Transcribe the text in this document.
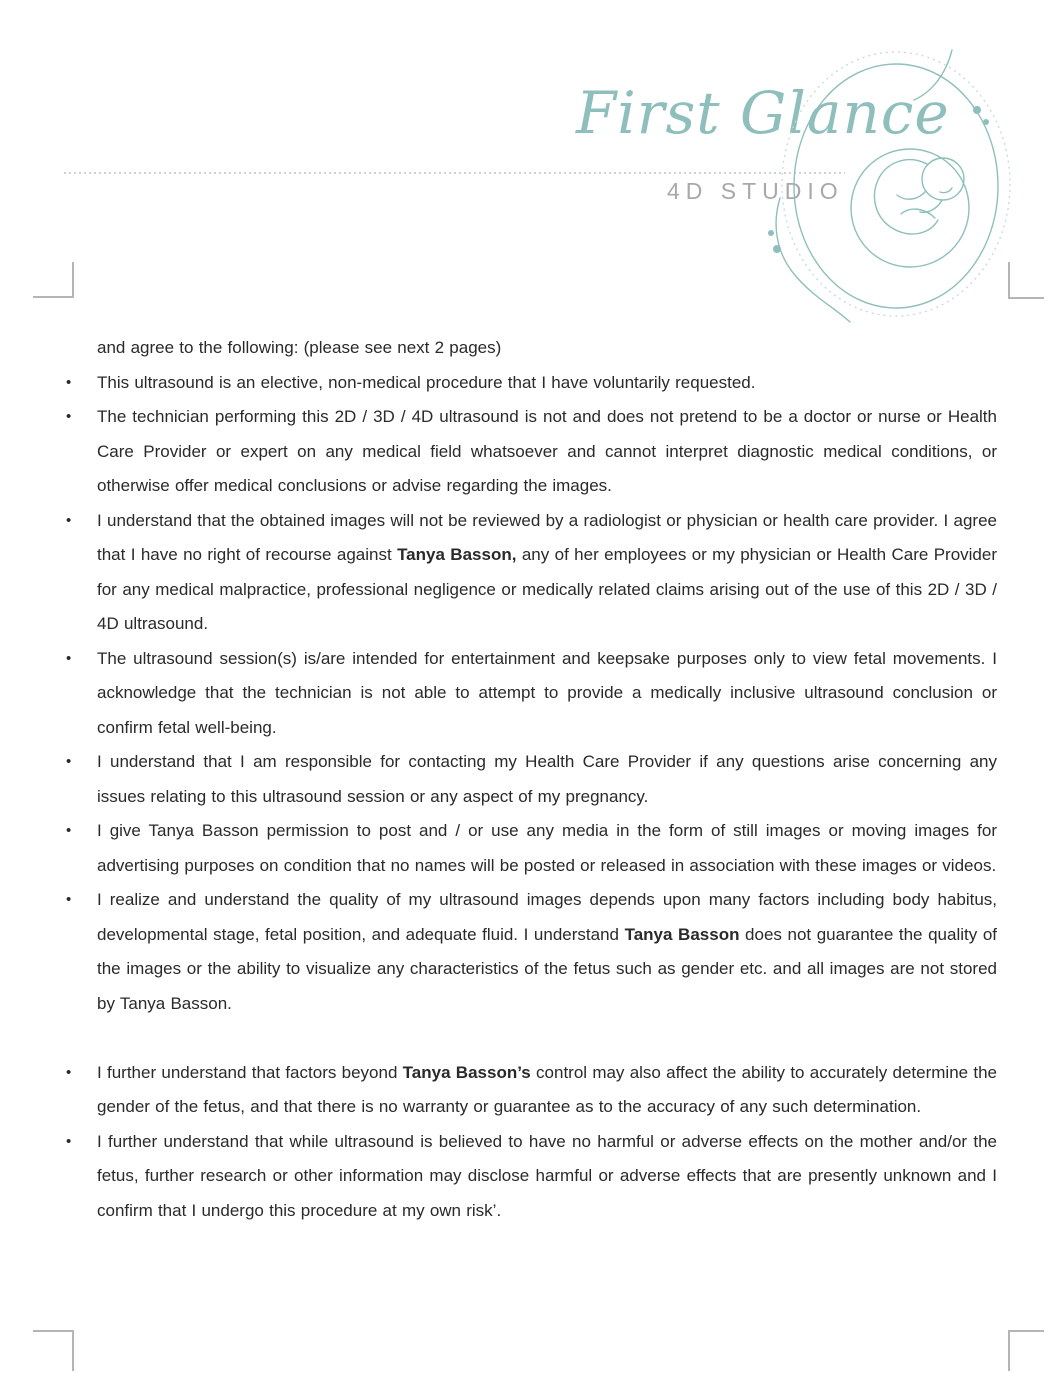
First Glance
4D STUDIO

and agree to the following: (please see next 2 pages)

• This ultrasound is an elective, non-medical procedure that I have voluntarily requested.
• The technician performing this 2D / 3D / 4D ultrasound is not and does not pretend to be a doctor or nurse or Health Care Provider or expert on any medical field whatsoever and cannot interpret diagnostic medical conditions, or otherwise offer medical conclusions or advise regarding the images.
• I understand that the obtained images will not be reviewed by a radiologist or physician or health care provider. I agree that I have no right of recourse against Tanya Basson, any of her employees or my physician or Health Care Provider for any medical malpractice, professional negligence or medically related claims arising out of the use of this 2D / 3D / 4D ultrasound.
• The ultrasound session(s) is/are intended for entertainment and keepsake purposes only to view fetal movements. I acknowledge that the technician is not able to attempt to provide a medically inclusive ultrasound conclusion or confirm fetal well-being.
• I understand that I am responsible for contacting my Health Care Provider if any questions arise concerning any issues relating to this ultrasound session or any aspect of my pregnancy.
• I give Tanya Basson permission to post and / or use any media in the form of still images or moving images for advertising purposes on condition that no names will be posted or released in association with these images or videos.
• I realize and understand the quality of my ultrasound images depends upon many factors including body habitus, developmental stage, fetal position, and adequate fluid. I understand Tanya Basson does not guarantee the quality of the images or the ability to visualize any characteristics of the fetus such as gender etc. and all images are not stored by Tanya Basson.
• I further understand that factors beyond Tanya Basson’s control may also affect the ability to accurately determine the gender of the fetus, and that there is no warranty or guarantee as to the accuracy of any such determination.
• I further understand that while ultrasound is believed to have no harmful or adverse effects on the mother and/or the fetus, further research or other information may disclose harmful or adverse effects that are presently unknown and I confirm that I undergo this procedure at my own risk’.
